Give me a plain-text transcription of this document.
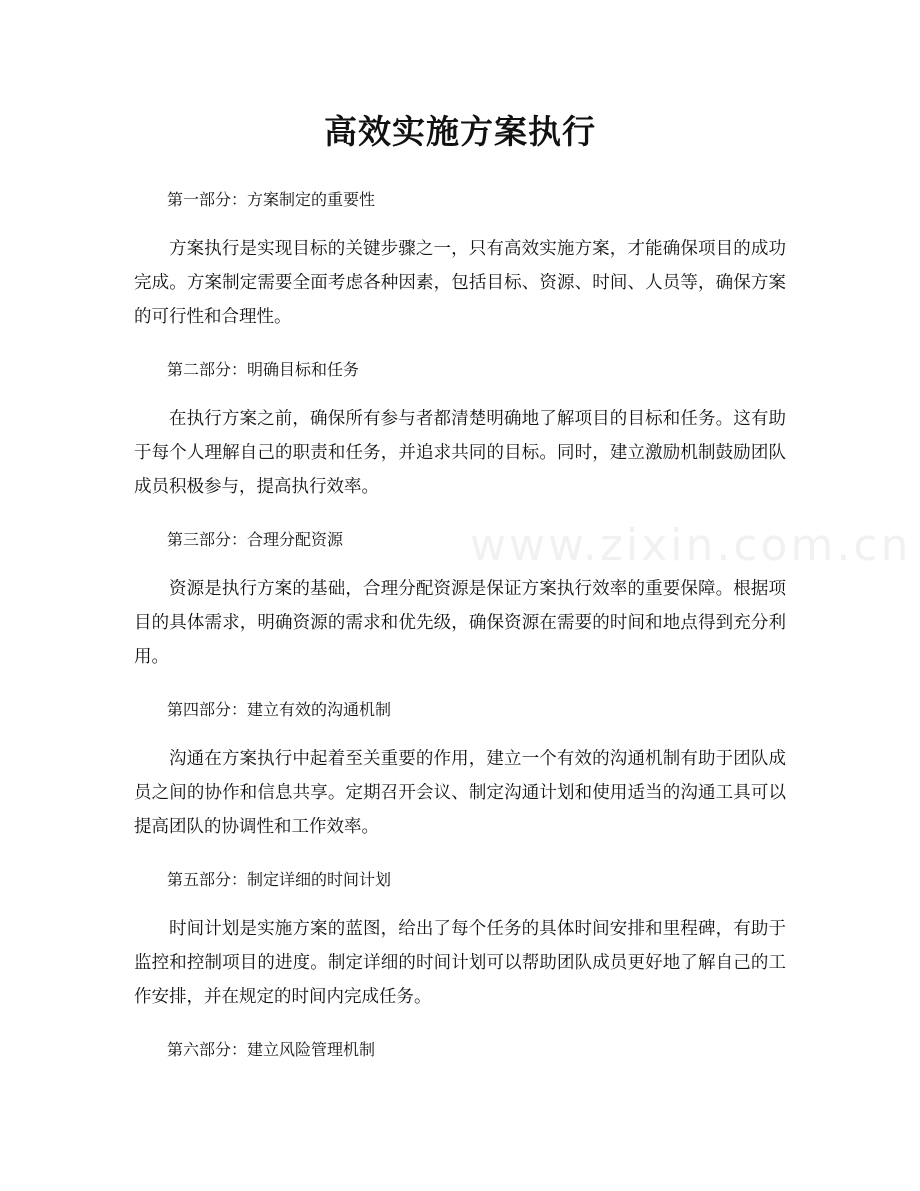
www.zixin.com.cn
高效实施方案执行

第一部分：方案制定的重要性

方案执行是实现目标的关键步骤之一，只有高效实施方案，才能确保项目的成功完成。方案制定需要全面考虑各种因素，包括目标、资源、时间、人员等，确保方案的可行性和合理性。

第二部分：明确目标和任务

在执行方案之前，确保所有参与者都清楚明确地了解项目的目标和任务。这有助于每个人理解自己的职责和任务，并追求共同的目标。同时，建立激励机制鼓励团队成员积极参与，提高执行效率。

第三部分：合理分配资源

资源是执行方案的基础，合理分配资源是保证方案执行效率的重要保障。根据项目的具体需求，明确资源的需求和优先级，确保资源在需要的时间和地点得到充分利用。

第四部分：建立有效的沟通机制

沟通在方案执行中起着至关重要的作用，建立一个有效的沟通机制有助于团队成员之间的协作和信息共享。定期召开会议、制定沟通计划和使用适当的沟通工具可以提高团队的协调性和工作效率。

第五部分：制定详细的时间计划

时间计划是实施方案的蓝图，给出了每个任务的具体时间安排和里程碑，有助于监控和控制项目的进度。制定详细的时间计划可以帮助团队成员更好地了解自己的工作安排，并在规定的时间内完成任务。

第六部分：建立风险管理机制
